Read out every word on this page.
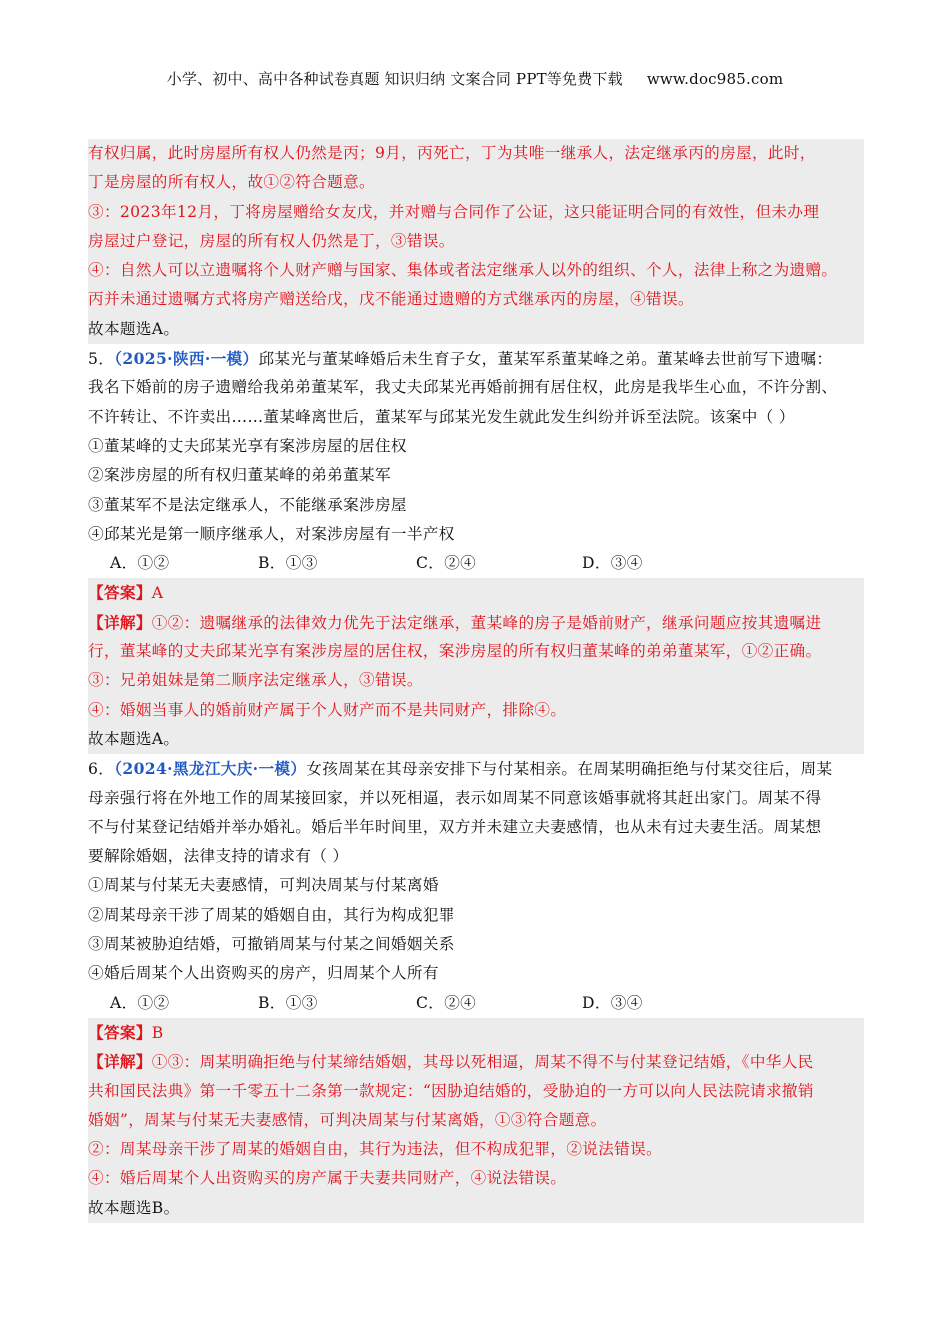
小学、初中、高中各种试卷真题 知识归纳 文案合同 PPT等免费下载 www.doc985.com
有权归属，此时房屋所有权人仍然是丙；9月，丙死亡，丁为其唯一继承人，法定继承丙的房屋，此时，
丁是房屋的所有权人，故①②符合题意。
③：2023年12月，丁将房屋赠给女友戊，并对赠与合同作了公证，这只能证明合同的有效性，但未办理
房屋过户登记，房屋的所有权人仍然是丁，③错误。
④：自然人可以立遗嘱将个人财产赠与国家、集体或者法定继承人以外的组织、个人，法律上称之为遗赠。
丙并未通过遗嘱方式将房产赠送给戊，戊不能通过遗赠的方式继承丙的房屋，④错误。
故本题选A。
5．（2025·陕西·一模）邱某光与董某峰婚后未生育子女，董某军系董某峰之弟。董某峰去世前写下遗嘱：
我名下婚前的房子遗赠给我弟弟董某军，我丈夫邱某光再婚前拥有居住权，此房是我毕生心血，不许分割、
不许转让、不许卖出……董某峰离世后，董某军与邱某光发生就此发生纠纷并诉至法院。该案中（ ）
①董某峰的丈夫邱某光享有案涉房屋的居住权
②案涉房屋的所有权归董某峰的弟弟董某军
③董某军不是法定继承人，不能继承案涉房屋
④邱某光是第一顺序继承人，对案涉房屋有一半产权
A．①②	B．①③	C．②④	D．③④
【答案】A
【详解】①②：遗嘱继承的法律效力优先于法定继承，董某峰的房子是婚前财产，继承问题应按其遗嘱进
行，董某峰的丈夫邱某光享有案涉房屋的居住权，案涉房屋的所有权归董某峰的弟弟董某军，①②正确。
③：兄弟姐妹是第二顺序法定继承人，③错误。
④：婚姻当事人的婚前财产属于个人财产而不是共同财产，排除④。
故本题选A。
6．（2024·黑龙江大庆·一模）女孩周某在其母亲安排下与付某相亲。在周某明确拒绝与付某交往后，周某
母亲强行将在外地工作的周某接回家，并以死相逼，表示如周某不同意该婚事就将其赶出家门。周某不得
不与付某登记结婚并举办婚礼。婚后半年时间里，双方并未建立夫妻感情，也从未有过夫妻生活。周某想
要解除婚姻，法律支持的请求有（ ）
①周某与付某无夫妻感情，可判决周某与付某离婚
②周某母亲干涉了周某的婚姻自由，其行为构成犯罪
③周某被胁迫结婚，可撤销周某与付某之间婚姻关系
④婚后周某个人出资购买的房产，归周某个人所有
A．①②	B．①③	C．②④	D．③④
【答案】B
【详解】①③：周某明确拒绝与付某缔结婚姻，其母以死相逼，周某不得不与付某登记结婚，《中华人民
共和国民法典》第一千零五十二条第一款规定：“因胁迫结婚的，受胁迫的一方可以向人民法院请求撤销
婚姻”，周某与付某无夫妻感情，可判决周某与付某离婚，①③符合题意。
②：周某母亲干涉了周某的婚姻自由，其行为违法，但不构成犯罪，②说法错误。
④：婚后周某个人出资购买的房产属于夫妻共同财产，④说法错误。
故本题选B。
